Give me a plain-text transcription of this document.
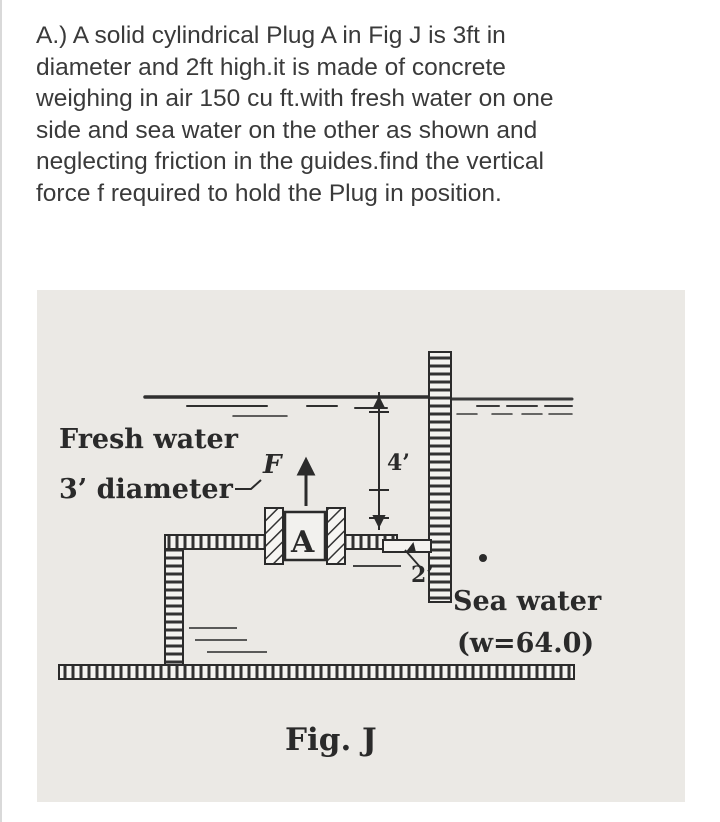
A.) A solid cylindrical Plug A in Fig J is 3ft in
diameter and 2ft high.it is made of concrete
weighing in air 150 cu ft.with fresh water on one
side and sea water on the other as shown and
neglecting friction in the guides.find the vertical
force f required to hold the Plug in position.
A
4’
2’
F
Fresh water
3’ diameter
Sea water
(w=64.0)
Fig. J
